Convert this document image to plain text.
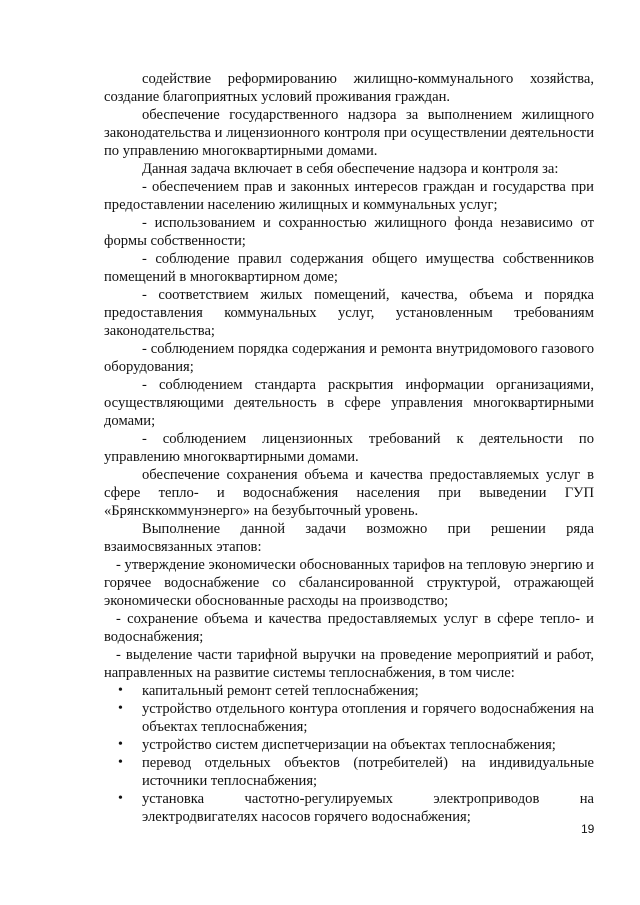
содействие реформированию жилищно-коммунального хозяйства, создание благоприятных условий проживания граждан.

обеспечение государственного надзора за выполнением жилищного законодательства и лицензионного контроля при осуществлении деятельности по управлению многоквартирными домами.

Данная задача включает в себя обеспечение надзора и контроля за:

- обеспечением прав и законных интересов граждан и государства при предоставлении населению жилищных и коммунальных услуг;

- использованием и сохранностью жилищного фонда независимо от формы собственности;

- соблюдение правил содержания общего имущества собственников помещений в многоквартирном доме;

- соответствием жилых помещений, качества, объема и порядка предоставления коммунальных услуг, установленным требованиям законодательства;

- соблюдением порядка содержания и ремонта внутридомового газового оборудования;

- соблюдением стандарта раскрытия информации организациями, осуществляющими деятельность в сфере управления многоквартирными домами;

- соблюдением лицензионных требований к деятельности по управлению многоквартирными домами.

обеспечение сохранения объема и качества предоставляемых услуг в сфере тепло- и водоснабжения населения при выведении ГУП «Брянсккоммунэнерго» на безубыточный уровень.

Выполнение данной задачи возможно при решении ряда взаимосвязанных этапов:

- утверждение экономически обоснованных тарифов на тепловую энергию и горячее водоснабжение со сбалансированной структурой, отражающей экономически обоснованные расходы на производство;

- сохранение объема и качества предоставляемых услуг в сфере тепло- и водоснабжения;

- выделение части тарифной выручки на проведение мероприятий и работ, направленных на развитие системы теплоснабжения, в том числе:

• капитальный ремонт сетей теплоснабжения;
• устройство отдельного контура отопления и горячего водоснабжения на объектах теплоснабжения;
• устройство систем диспетчеризации на объектах теплоснабжения;
• перевод отдельных объектов (потребителей) на индивидуальные источники теплоснабжения;
• установка частотно-регулируемых электроприводов на электродвигателях насосов горячего водоснабжения;
19
